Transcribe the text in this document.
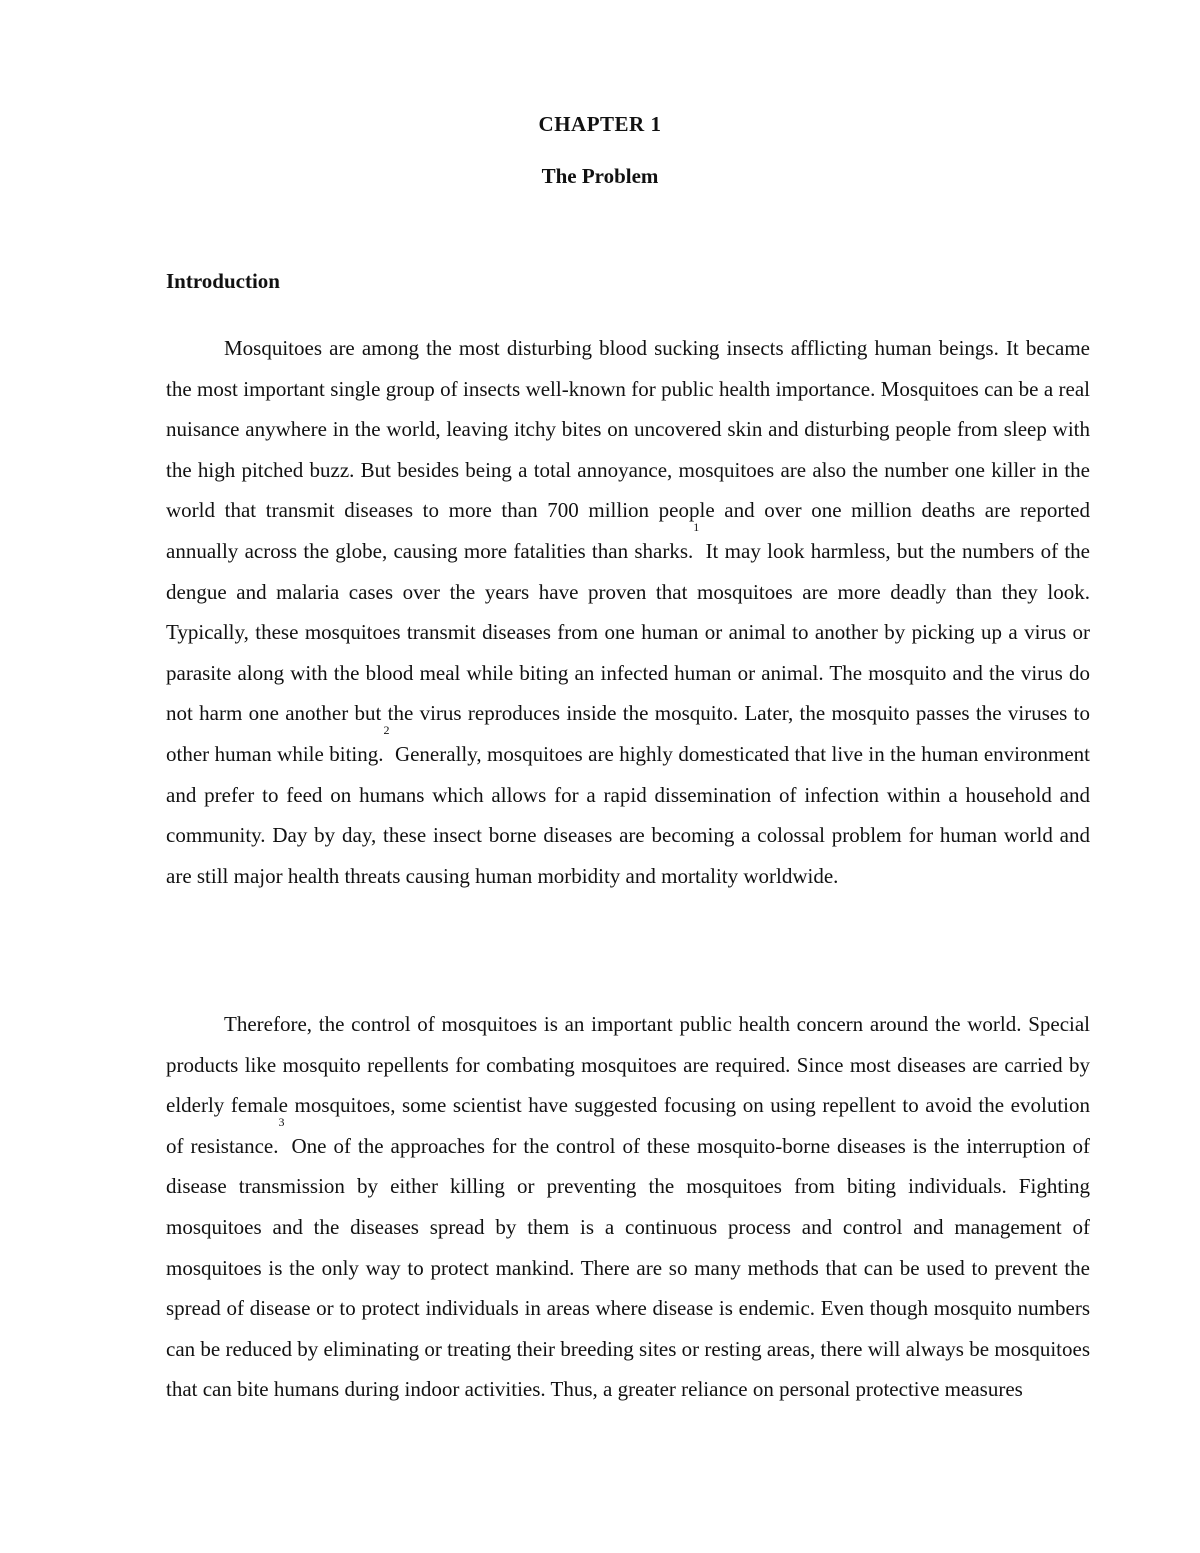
CHAPTER 1
The Problem
Introduction

Mosquitoes are among the most disturbing blood sucking insects afflicting human beings. It became the most important single group of insects well-known for public health importance. Mosquitoes can be a real nuisance anywhere in the world, leaving itchy bites on uncovered skin and disturbing people from sleep with the high pitched buzz. But besides being a total annoyance, mosquitoes are also the number one killer in the world that transmit diseases to more than 700 million people and over one million deaths are reported annually across the globe, causing more fatalities than sharks.$^1$ It may look harmless, but the numbers of the dengue and malaria cases over the years have proven that mosquitoes are more deadly than they look. Typically, these mosquitoes transmit diseases from one human or animal to another by picking up a virus or parasite along with the blood meal while biting an infected human or animal. The mosquito and the virus do not harm one another but the virus reproduces inside the mosquito. Later, the mosquito passes the viruses to other human while biting.$^2$ Generally, mosquitoes are highly domesticated that live in the human environment and prefer to feed on humans which allows for a rapid dissemination of infection within a household and community. Day by day, these insect borne diseases are becoming a colossal problem for human world and are still major health threats causing human morbidity and mortality worldwide.

Therefore, the control of mosquitoes is an important public health concern around the world. Special products like mosquito repellents for combating mosquitoes are required. Since most diseases are carried by elderly female mosquitoes, some scientist have suggested focusing on using repellent to avoid the evolution of resistance.$^3$ One of the approaches for the control of these mosquito-borne diseases is the interruption of disease transmission by either killing or preventing the mosquitoes from biting individuals. Fighting mosquitoes and the diseases spread by them is a continuous process and control and management of mosquitoes is the only way to protect mankind. There are so many methods that can be used to prevent the spread of disease or to protect individuals in areas where disease is endemic. Even though mosquito numbers can be reduced by eliminating or treating their breeding sites or resting areas, there will always be mosquitoes that can bite humans during indoor activities. Thus, a greater reliance on personal protective measures
